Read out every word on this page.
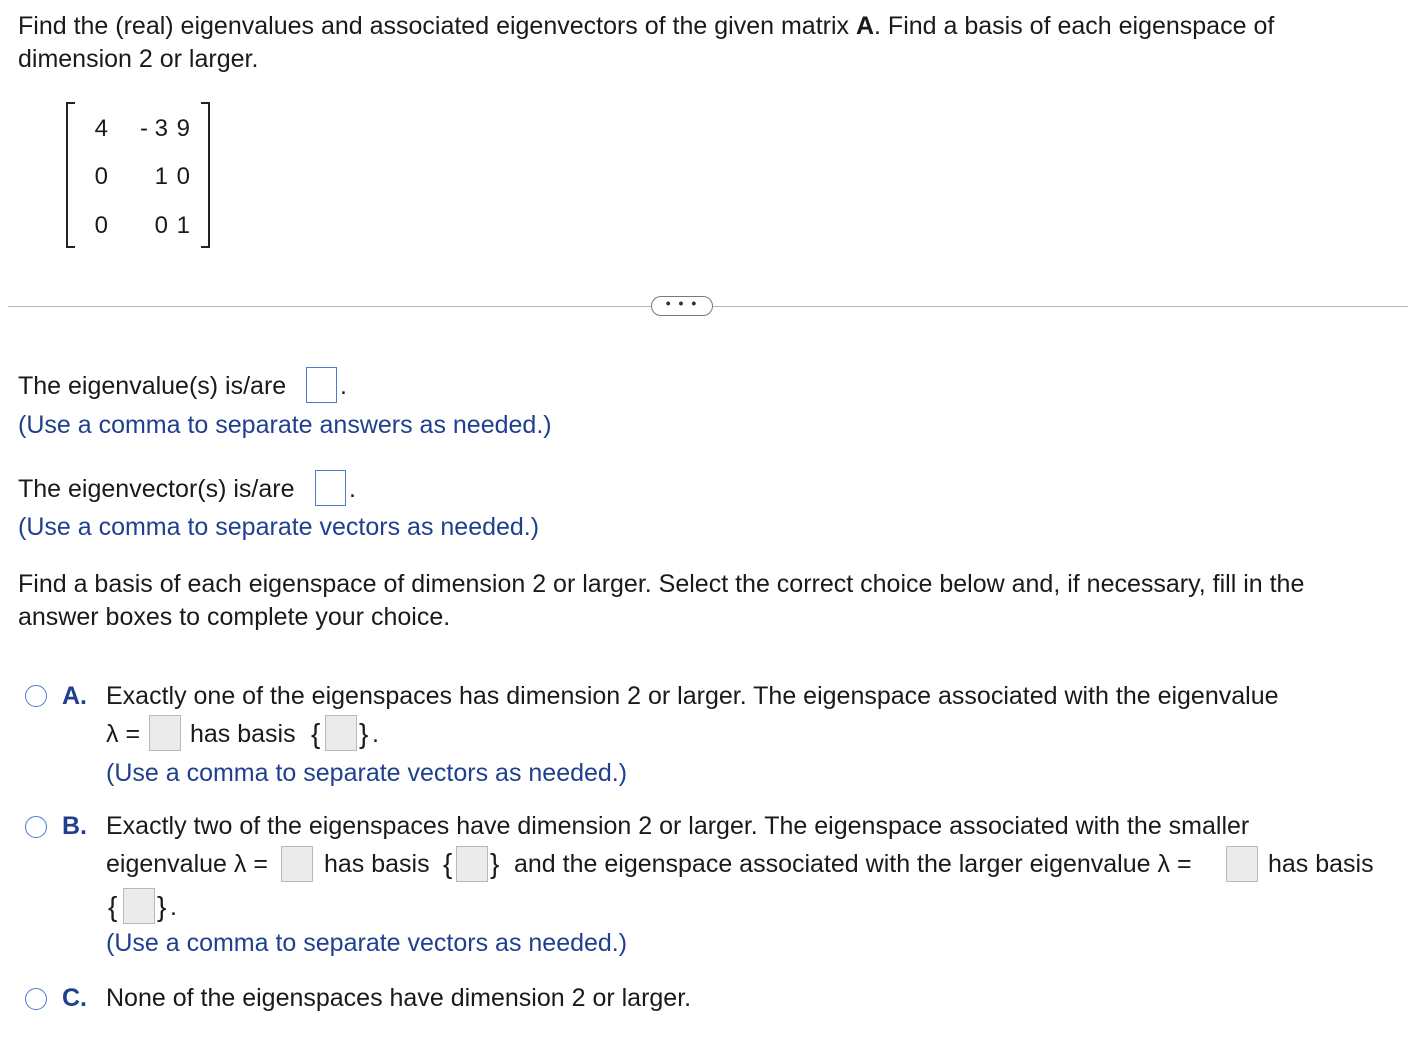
Find the (real) eigenvalues and associated eigenvectors of the given matrix A. Find a basis of each eigenspace of dimension 2 or larger.
4	- 3 9
0	1 0
0	0 1
• • •
The eigenvalue(s) is/are .
(Use a comma to separate answers as needed.)
The eigenvector(s) is/are .
(Use a comma to separate vectors as needed.)
Find a basis of each eigenspace of dimension 2 or larger. Select the correct choice below and, if necessary, fill in the answer boxes to complete your choice.
A. Exactly one of the eigenspaces has dimension 2 or larger. The eigenspace associated with the eigenvalue
λ = has basis { } .
(Use a comma to separate vectors as needed.)
B. Exactly two of the eigenspaces have dimension 2 or larger. The eigenspace associated with the smaller
eigenvalue λ = has basis { } and the eigenspace associated with the larger eigenvalue λ =	has basis
{ } .
(Use a comma to separate vectors as needed.)
C. None of the eigenspaces have dimension 2 or larger.
